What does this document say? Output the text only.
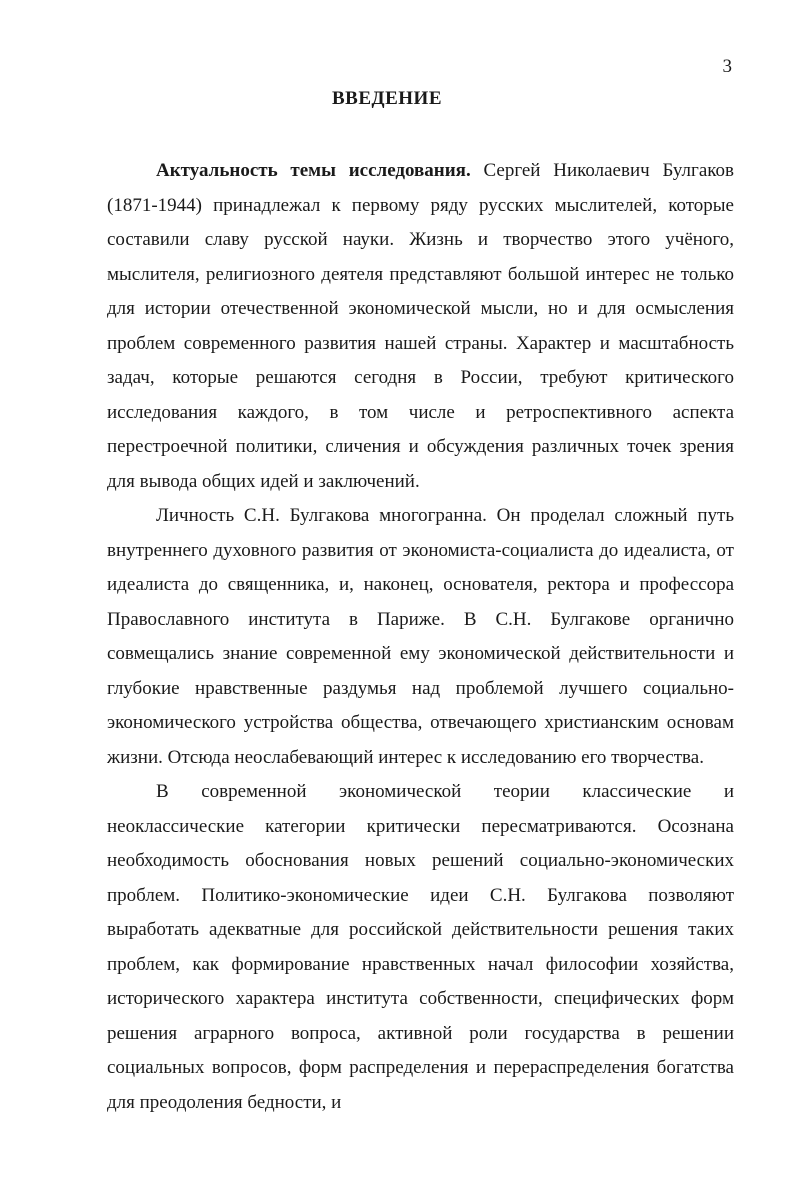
3
ВВЕДЕНИЕ

Актуальность темы исследования. Сергей Николаевич Булгаков (1871-1944) принадлежал к первому ряду русских мыслителей, которые составили славу русской науки. Жизнь и творчество этого учёного, мыслителя, религиозного деятеля представляют большой интерес не только для истории отечественной экономической мысли, но и для осмысления проблем современного развития нашей страны. Характер и масштабность задач, которые решаются сегодня в России, требуют критического исследования каждого, в том числе и ретроспективного аспекта перестроечной политики, сличения и обсуждения различных точек зрения для вывода общих идей и заключений.

Личность С.Н. Булгакова многогранна. Он проделал сложный путь внутреннего духовного развития от экономиста-социалиста до идеалиста, от идеалиста до священника, и, наконец, основателя, ректора и профессора Православного института в Париже. В С.Н. Булгакове органично совмещались знание современной ему экономической действительности и глубокие нравственные раздумья над проблемой лучшего социально-экономического устройства общества, отвечающего христианским основам жизни. Отсюда неослабевающий интерес к исследованию его творчества.

В современной экономической теории классические и неоклассические категории критически пересматриваются. Осознана необходимость обоснования новых решений социально-экономических проблем. Политико-экономические идеи С.Н. Булгакова позволяют выработать адекватные для российской действительности решения таких проблем, как формирование нравственных начал философии хозяйства, исторического характера института собственности, специфических форм решения аграрного вопроса, активной роли государства в решении социальных вопросов, форм распределения и перераспределения богатства для преодоления бедности, и
